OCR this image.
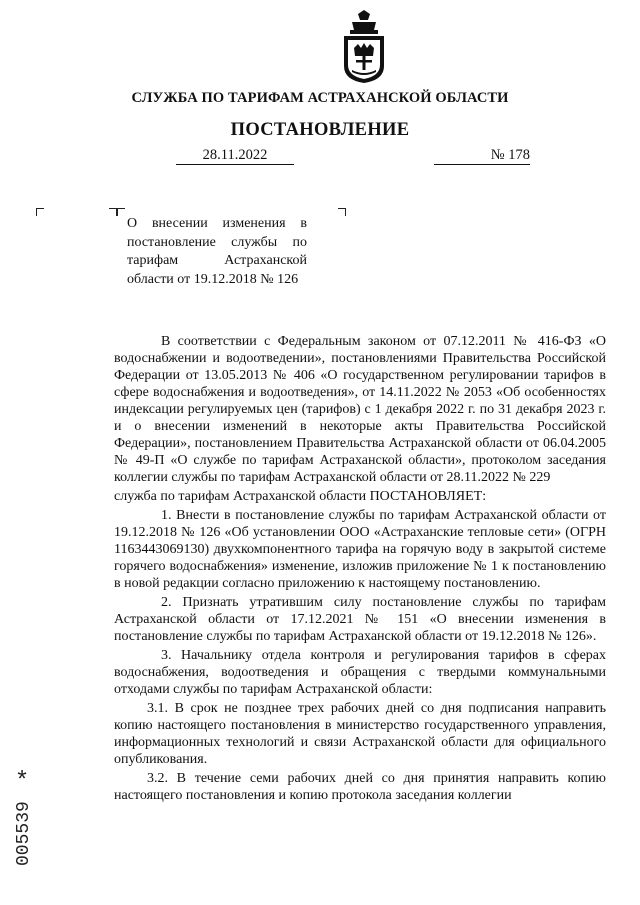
СЛУЖБА ПО ТАРИФАМ АСТРАХАНСКОЙ ОБЛАСТИ
ПОСТАНОВЛЕНИЕ
28.11.2022	№ 178
О внесении изменения в постановление службы по тарифам Астраханской области от 19.12.2018 № 126

В соответствии с Федеральным законом от 07.12.2011 № 416-ФЗ «О водоснабжении и водоотведении», постановлениями Правительства Российской Федерации от 13.05.2013 № 406 «О государственном регулировании тарифов в сфере водоснабжения и водоотведения», от 14.11.2022 № 2053 «Об особенностях индексации регулируемых цен (тарифов) с 1 декабря 2022 г. по 31 декабря 2023 г. и о внесении изменений в некоторые акты Правительства Российской Федерации», постановлением Правительства Астраханской области от 06.04.2005 № 49-П «О службе по тарифам Астраханской области», протоколом заседания коллегии службы по тарифам Астраханской области от 28.11.2022 № 229

служба по тарифам Астраханской области ПОСТАНОВЛЯЕТ:

1. Внести в постановление службы по тарифам Астраханской области от 19.12.2018 № 126 «Об установлении ООО «Астраханские тепловые сети» (ОГРН 1163443069130) двухкомпонентного тарифа на горячую воду в закрытой системе горячего водоснабжения» изменение, изложив приложение № 1 к постановлению в новой редакции согласно приложению к настоящему постановлению.

2. Признать утратившим силу постановление службы по тарифам Астраханской области от 17.12.2021 № 151 «О внесении изменения в постановление службы по тарифам Астраханской области от 19.12.2018 № 126».

3. Начальнику отдела контроля и регулирования тарифов в сферах водоснабжения, водоотведения и обращения с твердыми коммунальными отходами службы по тарифам Астраханской области:

3.1. В срок не позднее трех рабочих дней со дня подписания направить копию настоящего постановления в министерство государственного управления, информационных технологий и связи Астраханской области для официального опубликования.

3.2. В течение семи рабочих дней со дня принятия направить копию настоящего постановления и копию протокола заседания коллегии

*
005539
